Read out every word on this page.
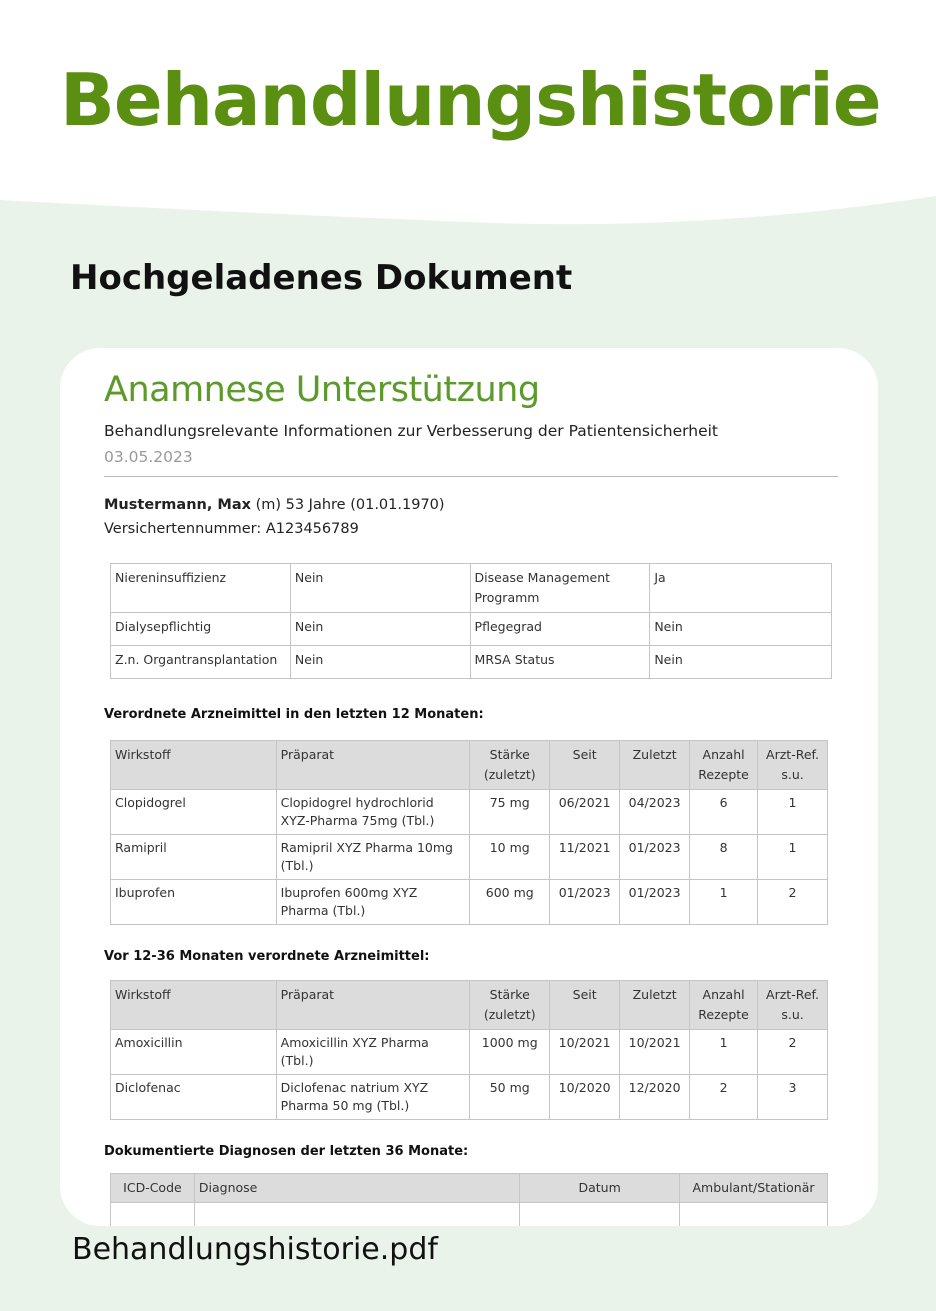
Behandlungshistorie
Hochgeladenes Dokument
Anamnese Unterstützung
Behandlungsrelevante Informationen zur Verbesserung der Patientensicherheit
03.05.2023
Mustermann, Max (m) 53 Jahre (01.01.1970)
Versichertennummer: A123456789
Niereninsuffizienz	Nein	Disease Management Programm	Ja
Dialysepflichtig	Nein	Pflegegrad	Nein
Z.n. Organtransplantation	Nein	MRSA Status	Nein
Verordnete Arzneimittel in den letzten 12 Monaten:
Wirkstoff	Präparat	Stärke (zuletzt)	Seit	Zuletzt	Anzahl Rezepte	Arzt-Ref. s.u.
Clopidogrel	Clopidogrel hydrochlorid XYZ-Pharma 75mg (Tbl.)	75 mg	06/2021	04/2023	6	1
Ramipril	Ramipril XYZ Pharma 10mg (Tbl.)	10 mg	11/2021	01/2023	8	1
Ibuprofen	Ibuprofen 600mg XYZ Pharma (Tbl.)	600 mg	01/2023	01/2023	1	2
Vor 12-36 Monaten verordnete Arzneimittel:
Wirkstoff	Präparat	Stärke (zuletzt)	Seit	Zuletzt	Anzahl Rezepte	Arzt-Ref. s.u.
Amoxicillin	Amoxicillin XYZ Pharma (Tbl.)	1000 mg	10/2021	10/2021	1	2
Diclofenac	Diclofenac natrium XYZ Pharma 50 mg (Tbl.)	50 mg	10/2020	12/2020	2	3
Dokumentierte Diagnosen der letzten 36 Monate:
ICD-Code	Diagnose	Datum	Ambulant/Stationär

Behandlungshistorie.pdf
